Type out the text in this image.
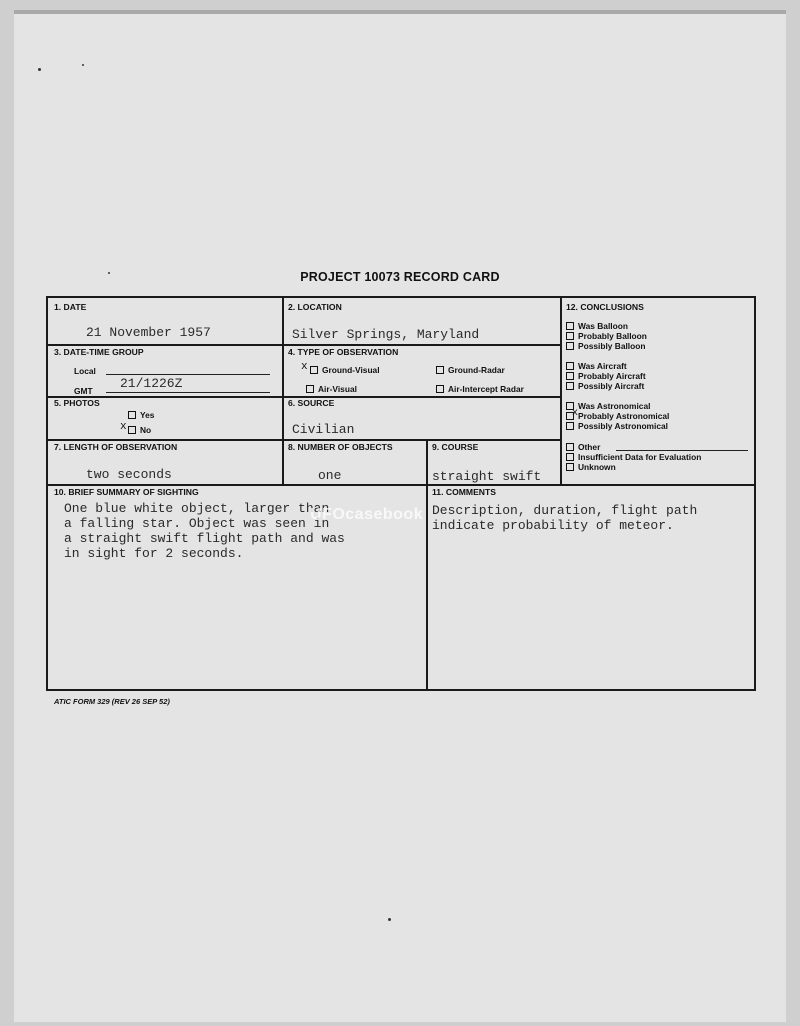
PROJECT 10073 RECORD CARD
1. DATE
21 November 1957
2. LOCATION
Silver Springs, Maryland
3. DATE-TIME GROUP
Local
GMT 21/1226Z
4. TYPE OF OBSERVATION
Ground-Visual
x	Ground-Radar
Air-Visual	Air-Intercept Radar
5. PHOTOS
Yes
No
x
6. SOURCE
Civilian
7. LENGTH OF OBSERVATION
two seconds
8. NUMBER OF OBJECTS
one
9. COURSE
straight swift
12. CONCLUSIONS
Was Balloon
Probably Balloon
Possibly Balloon
Was Aircraft
Probably Aircraft
Possibly Aircraft
Was Astronomical
Probably Astronomical
Possibly Astronomical
x
Other
Insufficient Data for Evaluation
Unknown
10. BRIEF SUMMARY OF SIGHTING
One blue white object, larger than
a falling star. Object was seen in
a straight swift flight path and was
in sight for 2 seconds.
11. COMMENTS
Description, duration, flight path
indicate probability of meteor.
UFOcasebook
ATIC FORM 329 (REV 26 SEP 52)
